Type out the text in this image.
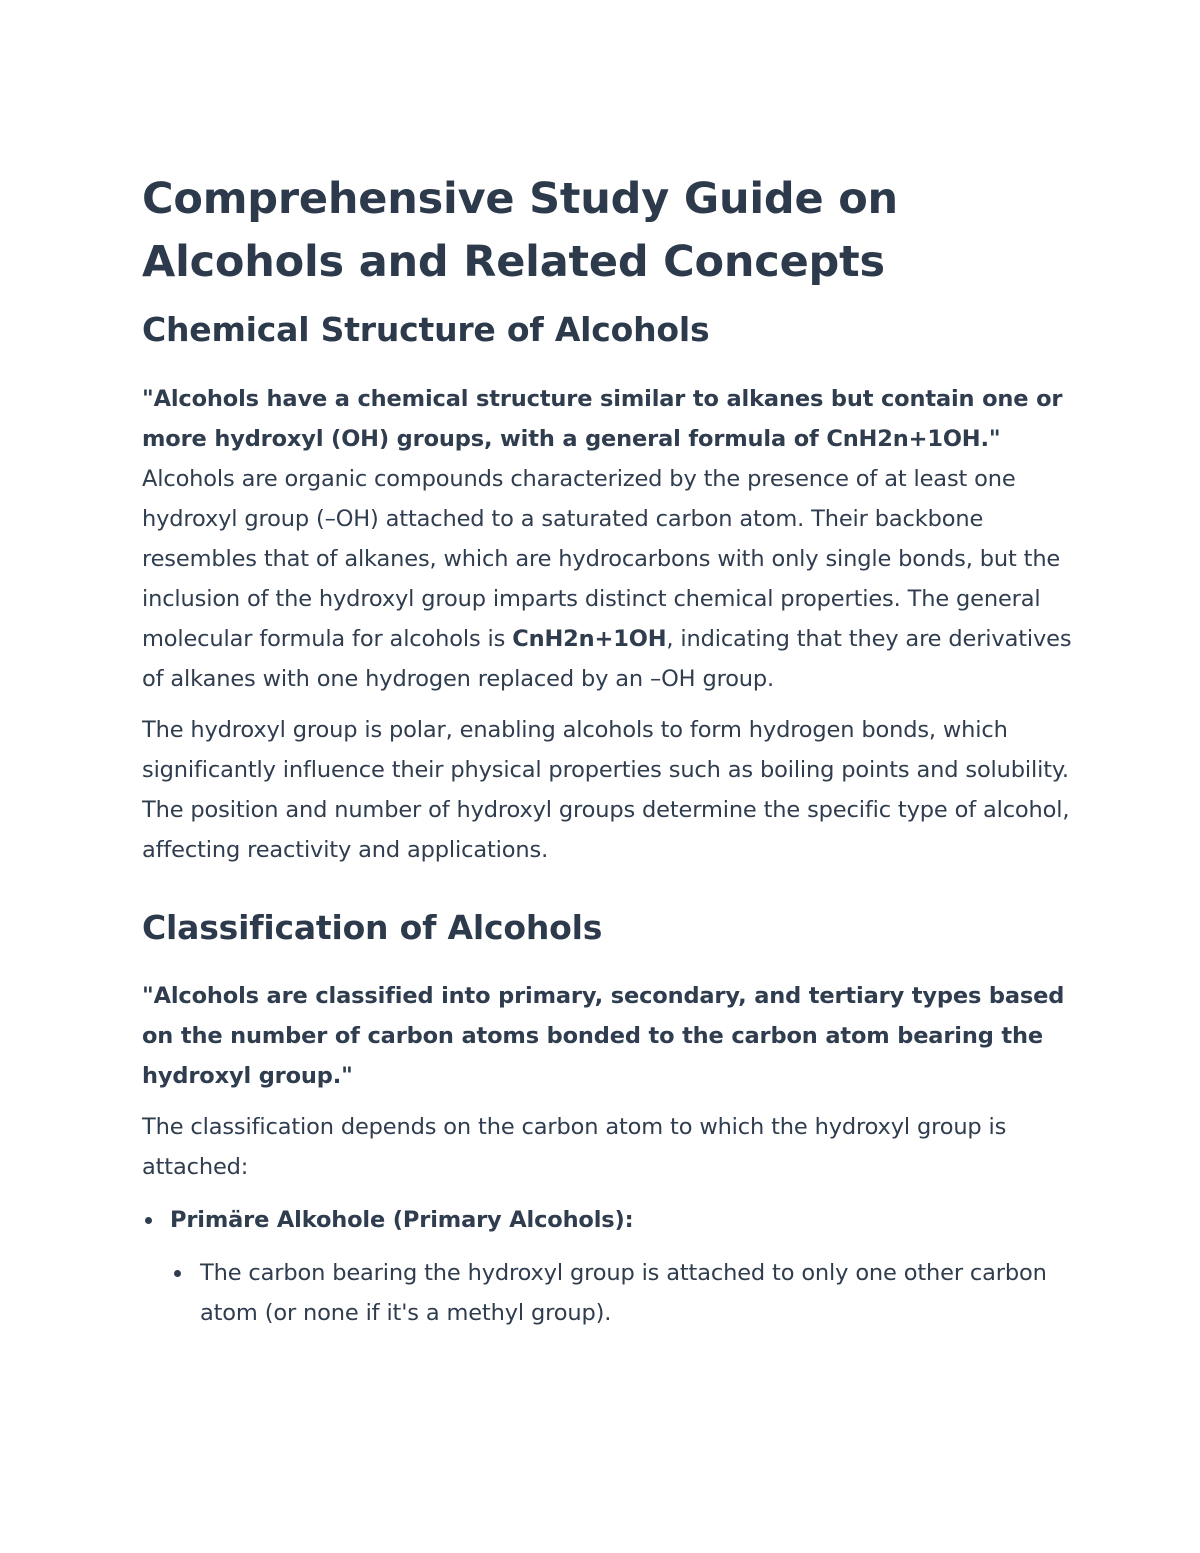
Comprehensive Study Guide on Alcohols and Related Concepts
Chemical Structure of Alcohols

"Alcohols have a chemical structure similar to alkanes but contain one or more hydroxyl (OH) groups, with a general formula of CnH2n+1OH."

Alcohols are organic compounds characterized by the presence of at least one hydroxyl group (–OH) attached to a saturated carbon atom. Their backbone resembles that of alkanes, which are hydrocarbons with only single bonds, but the inclusion of the hydroxyl group imparts distinct chemical properties. The general molecular formula for alcohols is CnH2n+1OH, indicating that they are derivatives of alkanes with one hydrogen replaced by an –OH group.

The hydroxyl group is polar, enabling alcohols to form hydrogen bonds, which significantly influence their physical properties such as boiling points and solubility. The position and number of hydroxyl groups determine the specific type of alcohol, affecting reactivity and applications.

Classification of Alcohols

"Alcohols are classified into primary, secondary, and tertiary types based on the number of carbon atoms bonded to the carbon atom bearing the hydroxyl group."

The classification depends on the carbon atom to which the hydroxyl group is attached:

Primäre Alkohole (Primary Alcohols):
The carbon bearing the hydroxyl group is attached to only one other carbon atom (or none if it's a methyl group).
